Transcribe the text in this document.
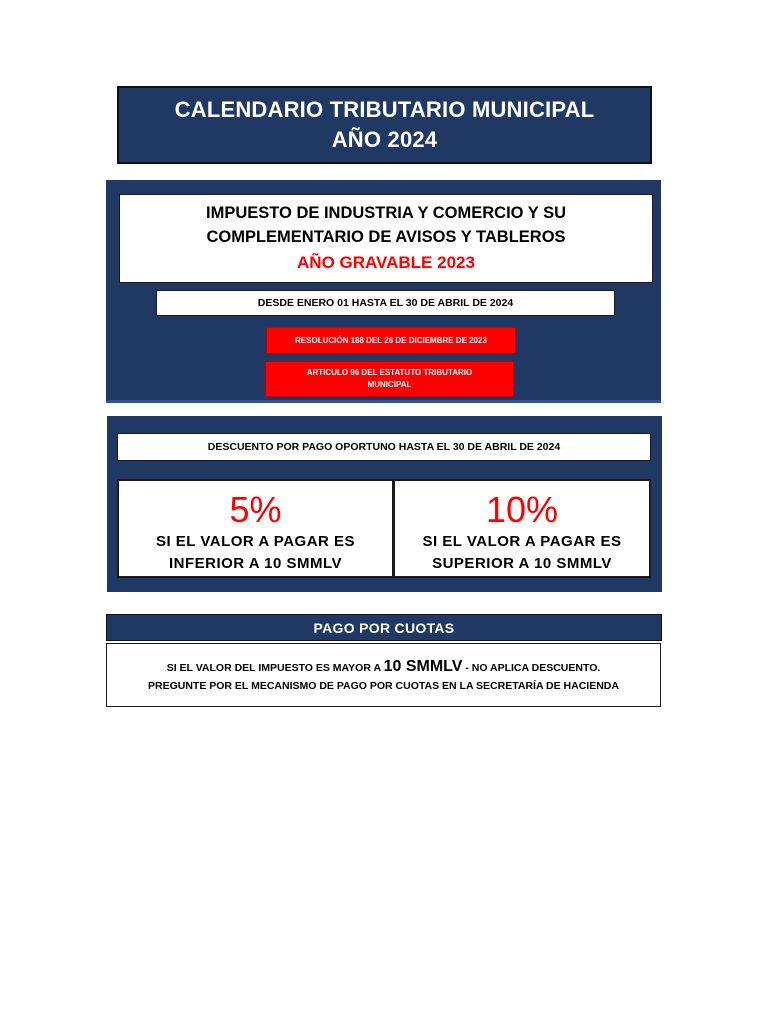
CALENDARIO TRIBUTARIO MUNICIPAL
AÑO 2024
IMPUESTO DE INDUSTRIA Y COMERCIO Y SU
COMPLEMENTARIO DE AVISOS Y TABLEROS
AÑO GRAVABLE 2023
DESDE ENERO 01 HASTA EL 30 DE ABRIL DE 2024
RESOLUCIÓN 188 DEL 26 DE DICIEMBRE DE 2023
ARTICULO 96 DEL ESTATUTO TRIBUTARIO
MUNICIPAL
DESCUENTO POR PAGO OPORTUNO HASTA EL 30 DE ABRIL DE 2024
5%
SI EL VALOR A PAGAR ES
INFERIOR A 10 SMMLV
10%
SI EL VALOR A PAGAR ES
SUPERIOR A 10 SMMLV
PAGO POR CUOTAS
SI EL VALOR DEL IMPUESTO ES MAYOR A 10 SMMLV - NO APLICA DESCUENTO.
PREGUNTE POR EL MECANISMO DE PAGO POR CUOTAS EN LA SECRETARÍA DE HACIENDA
